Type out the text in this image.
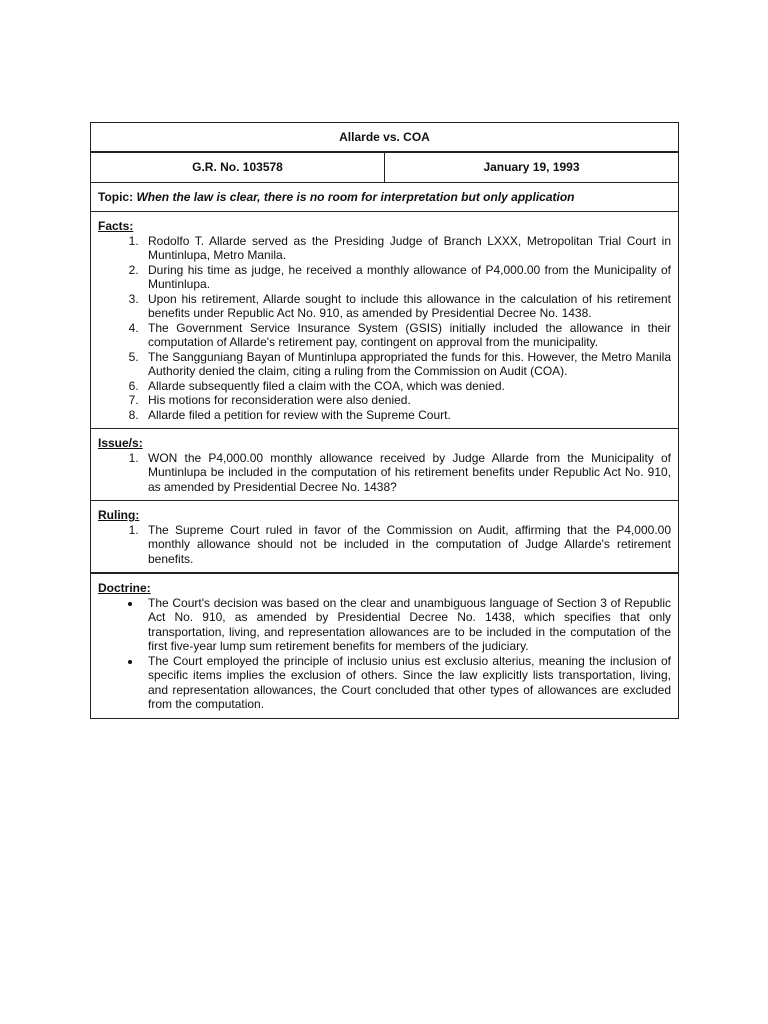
Allarde vs. COA
G.R. No. 103578	January 19, 1993
Topic: When the law is clear, there is no room for interpretation but only application

Facts:
1. Rodolfo T. Allarde served as the Presiding Judge of Branch LXXX, Metropolitan Trial Court in Muntinlupa, Metro Manila.
2. During his time as judge, he received a monthly allowance of P4,000.00 from the Municipality of Muntinlupa.
3. Upon his retirement, Allarde sought to include this allowance in the calculation of his retirement benefits under Republic Act No. 910, as amended by Presidential Decree No. 1438.
4. The Government Service Insurance System (GSIS) initially included the allowance in their computation of Allarde's retirement pay, contingent on approval from the municipality.
5. The Sangguniang Bayan of Muntinlupa appropriated the funds for this. However, the Metro Manila Authority denied the claim, citing a ruling from the Commission on Audit (COA).
6. Allarde subsequently filed a claim with the COA, which was denied.
7. His motions for reconsideration were also denied.
8. Allarde filed a petition for review with the Supreme Court.

Issue/s:
1. WON the P4,000.00 monthly allowance received by Judge Allarde from the Municipality of Muntinlupa be included in the computation of his retirement benefits under Republic Act No. 910, as amended by Presidential Decree No. 1438?

Ruling:
1. The Supreme Court ruled in favor of the Commission on Audit, affirming that the P4,000.00 monthly allowance should not be included in the computation of Judge Allarde's retirement benefits.

Doctrine:
• The Court's decision was based on the clear and unambiguous language of Section 3 of Republic Act No. 910, as amended by Presidential Decree No. 1438, which specifies that only transportation, living, and representation allowances are to be included in the computation of the first five-year lump sum retirement benefits for members of the judiciary.
• The Court employed the principle of inclusio unius est exclusio alterius, meaning the inclusion of specific items implies the exclusion of others. Since the law explicitly lists transportation, living, and representation allowances, the Court concluded that other types of allowances are excluded from the computation.
